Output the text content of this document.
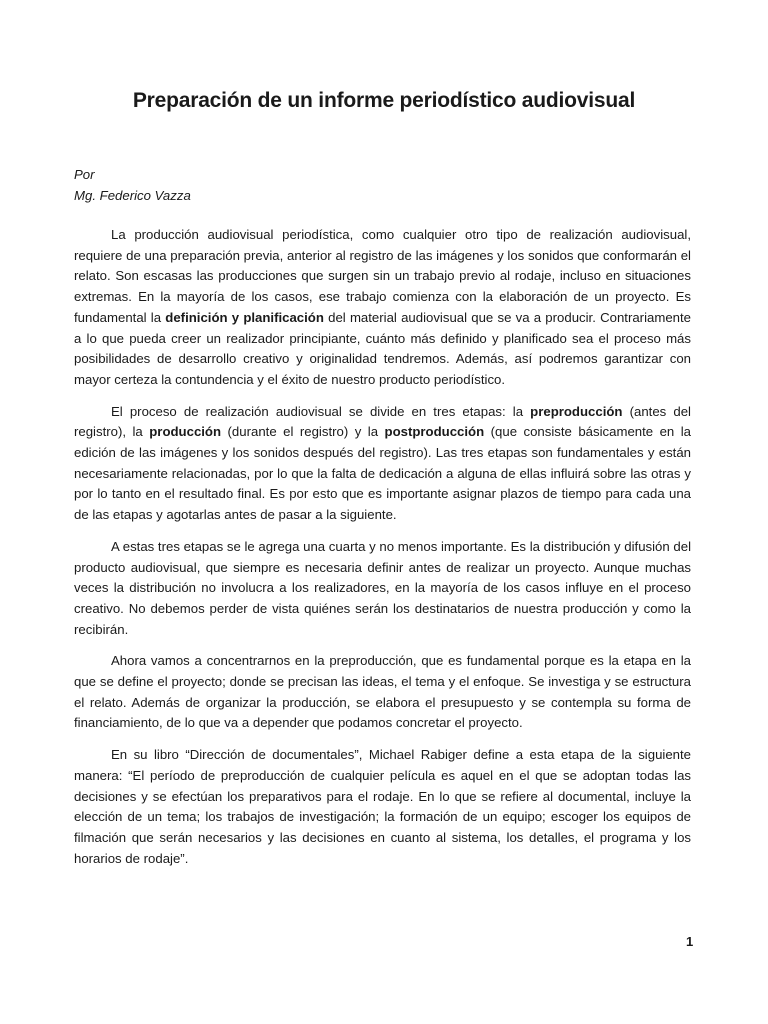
Preparación de un informe periodístico audiovisual
Por
Mg. Federico Vazza

La producción audiovisual periodística, como cualquier otro tipo de realización audiovisual, requiere de una preparación previa, anterior al registro de las imágenes y los sonidos que conformarán el relato. Son escasas las producciones que surgen sin un trabajo previo al rodaje, incluso en situaciones extremas. En la mayoría de los casos, ese trabajo comienza con la elaboración de un proyecto. Es fundamental la definición y planificación del material audiovisual que se va a producir. Contrariamente a lo que pueda creer un realizador principiante, cuánto más definido y planificado sea el proceso más posibilidades de desarrollo creativo y originalidad tendremos. Además, así podremos garantizar con mayor certeza la contundencia y el éxito de nuestro producto periodístico.

El proceso de realización audiovisual se divide en tres etapas: la preproducción (antes del registro), la producción (durante el registro) y la postproducción (que consiste básicamente en la edición de las imágenes y los sonidos después del registro). Las tres etapas son fundamentales y están necesariamente relacionadas, por lo que la falta de dedicación a alguna de ellas influirá sobre las otras y por lo tanto en el resultado final. Es por esto que es importante asignar plazos de tiempo para cada una de las etapas y agotarlas antes de pasar a la siguiente.

A estas tres etapas se le agrega una cuarta y no menos importante. Es la distribución y difusión del producto audiovisual, que siempre es necesaria definir antes de realizar un proyecto. Aunque muchas veces la distribución no involucra a los realizadores, en la mayoría de los casos influye en el proceso creativo. No debemos perder de vista quiénes serán los destinatarios de nuestra producción y como la recibirán.

Ahora vamos a concentrarnos en la preproducción, que es fundamental porque es la etapa en la que se define el proyecto; donde se precisan las ideas, el tema y el enfoque. Se investiga y se estructura el relato. Además de organizar la producción, se elabora el presupuesto y se contempla su forma de financiamiento, de lo que va a depender que podamos concretar el proyecto.

En su libro “Dirección de documentales”, Michael Rabiger define a esta etapa de la siguiente manera: “El período de preproducción de cualquier película es aquel en el que se adoptan todas las decisiones y se efectúan los preparativos para el rodaje. En lo que se refiere al documental, incluye la elección de un tema; los trabajos de investigación; la formación de un equipo; escoger los equipos de filmación que serán necesarios y las decisiones en cuanto al sistema, los detalles, el programa y los horarios de rodaje”.

1
